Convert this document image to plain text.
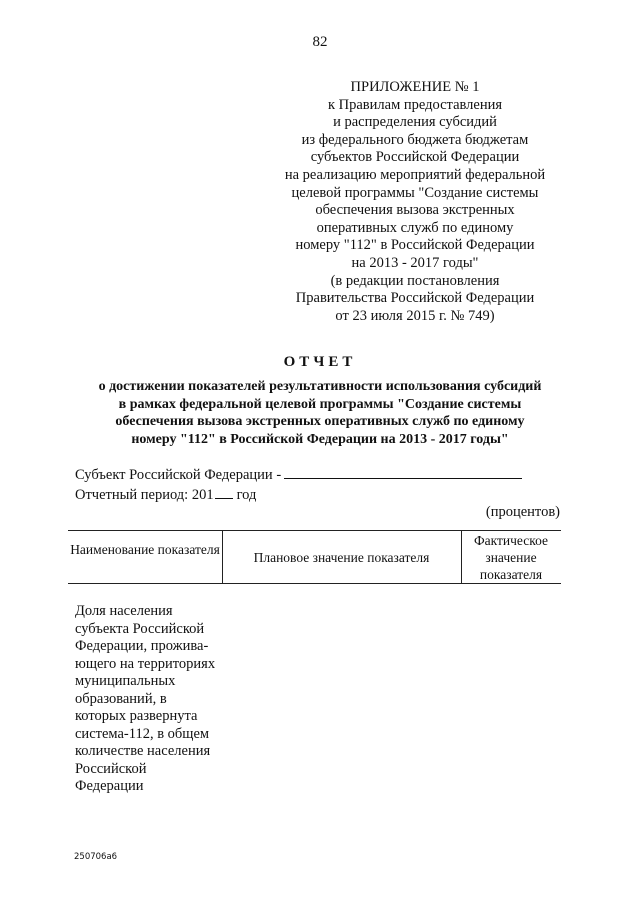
82
ПРИЛОЖЕНИЕ № 1
к Правилам предоставления
и распределения субсидий
из федерального бюджета бюджетам
субъектов Российской Федерации
на реализацию мероприятий федеральной
целевой программы "Создание системы
обеспечения вызова экстренных
оперативных служб по единому
номеру "112" в Российской Федерации
на 2013 - 2017 годы"
(в редакции постановления
Правительства Российской Федерации
от 23 июля 2015 г. № 749)
ОТЧЕТ
о достижении показателей результативности использования субсидий
в рамках федеральной целевой программы "Создание системы
обеспечения вызова экстренных оперативных служб по единому
номеру "112" в Российской Федерации на 2013 - 2017 годы"
Субъект Российской Федерации -
Отчетный период: 201 год
(процентов)
Наименование показателя
Плановое значение показателя
Фактическое значение показателя
Доля населения
субъекта Российской
Федерации, прожива-
ющего на территориях
муниципальных
образований, в
которых развернута
система-112, в общем
количестве населения
Российской
Федерации
250706a6
